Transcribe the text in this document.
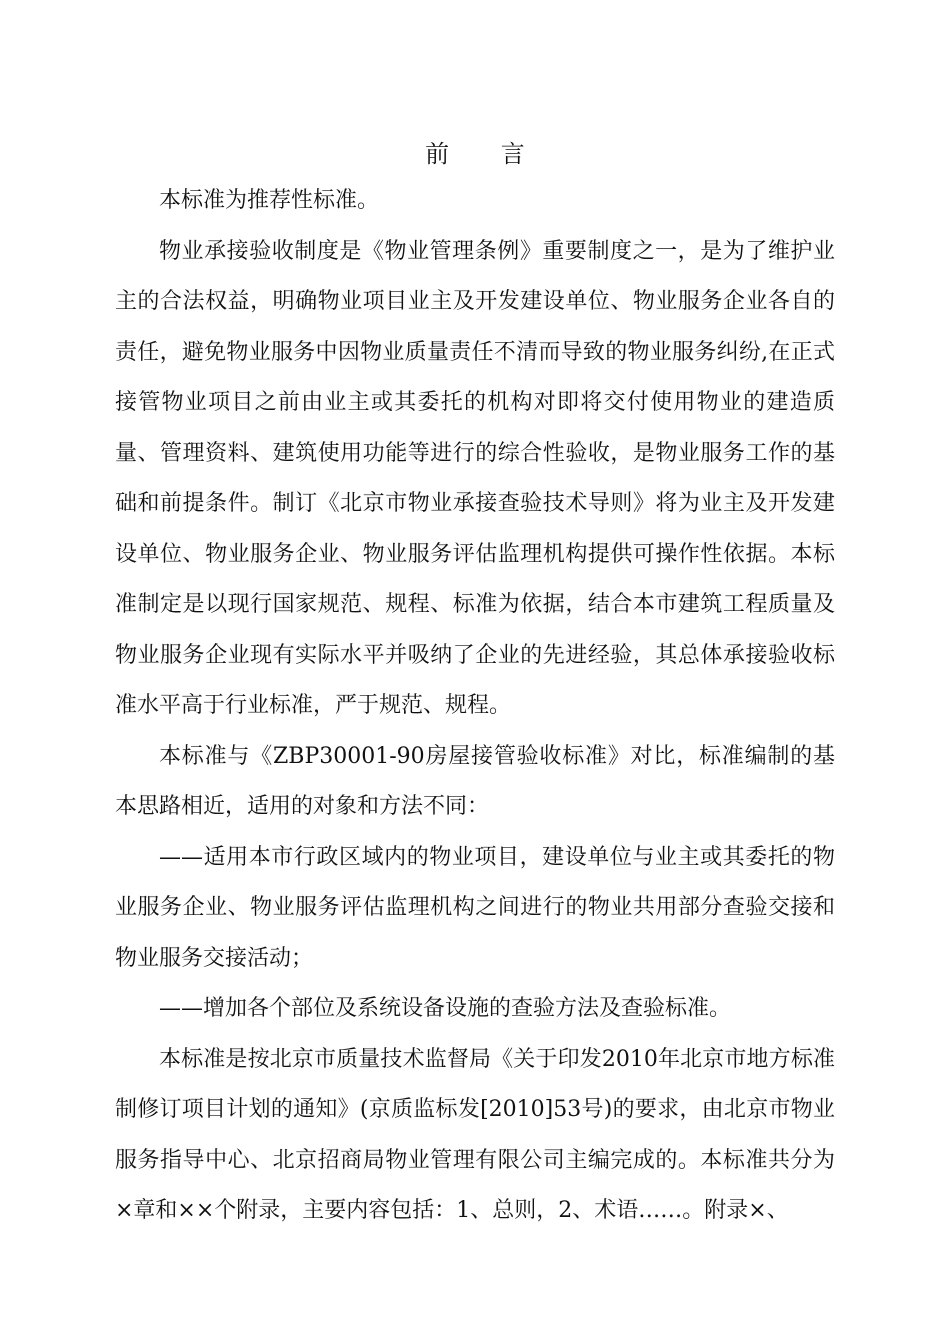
前 言

本标准为推荐性标准。

物业承接验收制度是《物业管理条例》重要制度之一，是为了维护业主的合法权益，明确物业项目业主及开发建设单位、物业服务企业各自的责任，避免物业服务中因物业质量责任不清而导致的物业服务纠纷,在正式接管物业项目之前由业主或其委托的机构对即将交付使用物业的建造质量、管理资料、建筑使用功能等进行的综合性验收，是物业服务工作的基础和前提条件。制订《北京市物业承接查验技术导则》将为业主及开发建设单位、物业服务企业、物业服务评估监理机构提供可操作性依据。本标准制定是以现行国家规范、规程、标准为依据，结合本市建筑工程质量及物业服务企业现有实际水平并吸纳了企业的先进经验，其总体承接验收标准水平高于行业标准，严于规范、规程。

本标准与《ZBP30001-90房屋接管验收标准》对比，标准编制的基本思路相近，适用的对象和方法不同：

——适用本市行政区域内的物业项目，建设单位与业主或其委托的物业服务企业、物业服务评估监理机构之间进行的物业共用部分查验交接和物业服务交接活动；

——增加各个部位及系统设备设施的查验方法及查验标准。

本标准是按北京市质量技术监督局《关于印发2010年北京市地方标准制修订项目计划的通知》(京质监标发[2010]53号)的要求，由北京市物业服务指导中心、北京招商局物业管理有限公司主编完成的。本标准共分为×章和××个附录，主要内容包括：1、总则，2、术语……。附录×、
